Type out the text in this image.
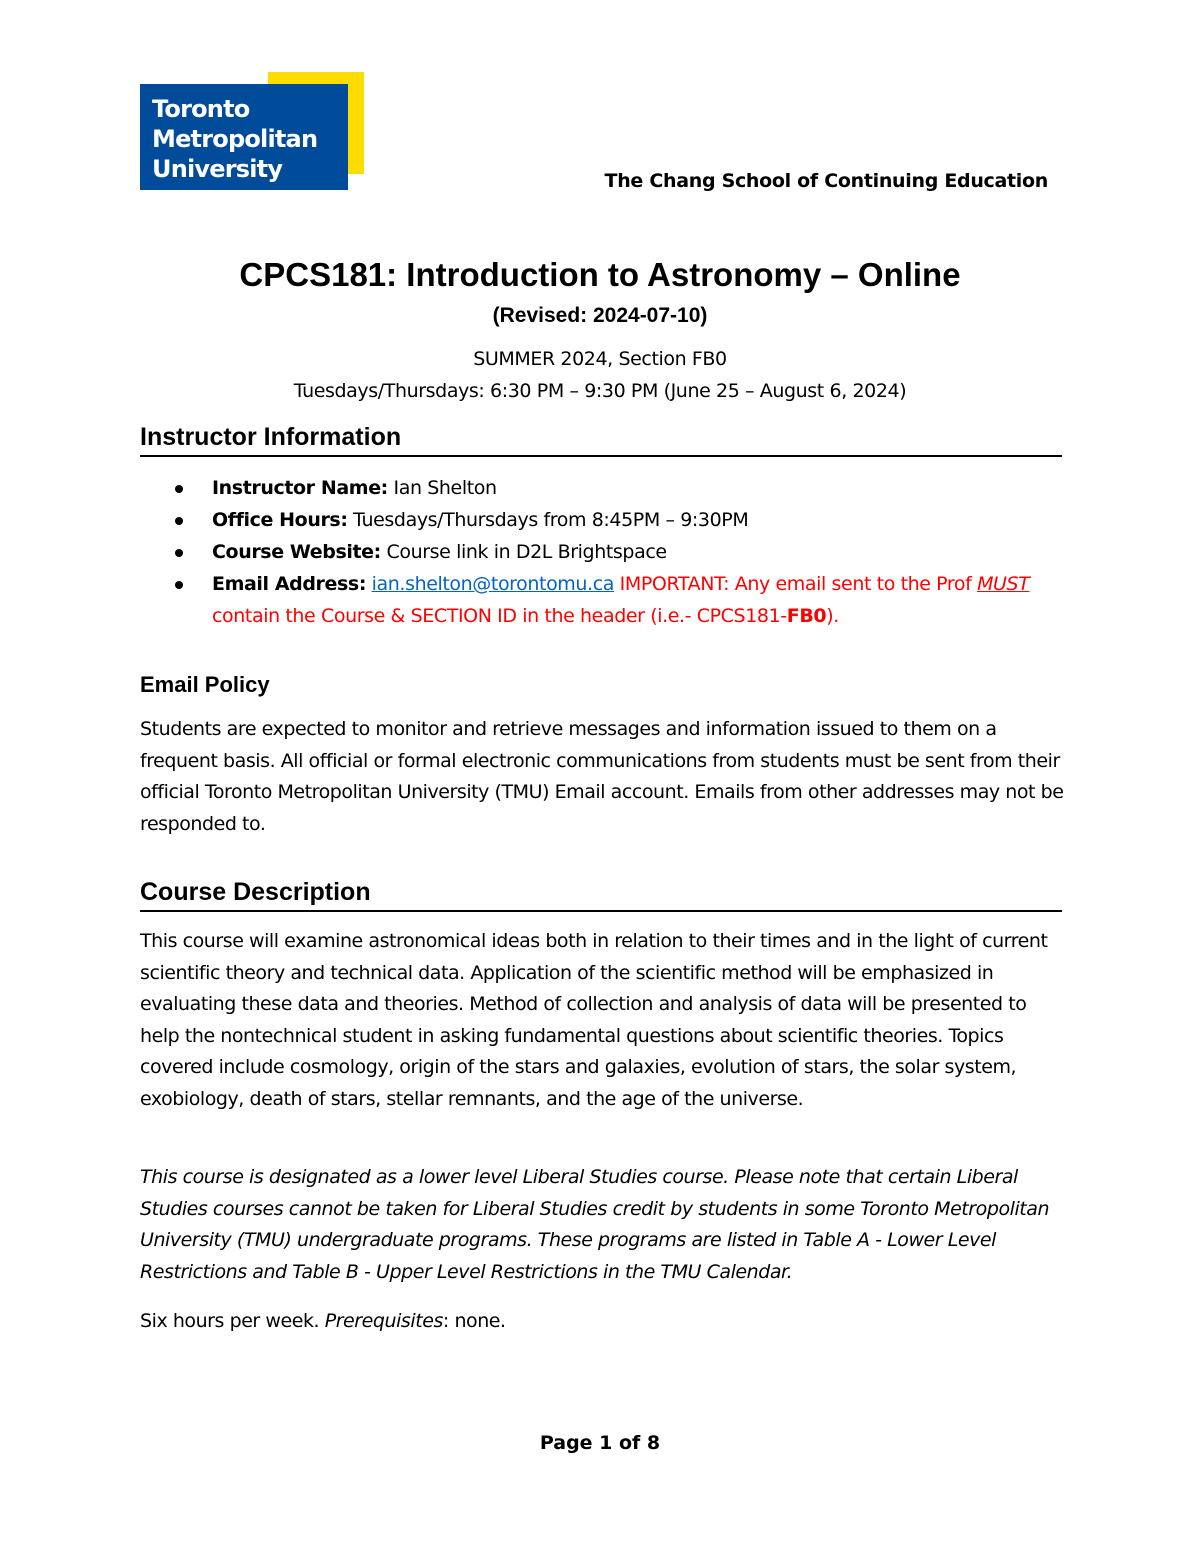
Toronto
Metropolitan
University	The Chang School of Continuing Education
CPCS181: Introduction to Astronomy – Online
(Revised: 2024-07-10)
SUMMER 2024, Section FB0
Tuesdays/Thursdays: 6:30 PM – 9:30 PM (June 25 – August 6, 2024)
Instructor Information
Instructor Name: Ian Shelton
Office Hours: Tuesdays/Thursdays from 8:45PM – 9:30PM
Course Website: Course link in D2L Brightspace
Email Address: ian.shelton@torontomu.ca IMPORTANT: Any email sent to the Prof MUST contain the Course & SECTION ID in the header (i.e.- CPCS181-FB0).
Email Policy
Students are expected to monitor and retrieve messages and information issued to them on a frequent basis. All official or formal electronic communications from students must be sent from their official Toronto Metropolitan University (TMU) Email account. Emails from other addresses may not be responded to.
Course Description
This course will examine astronomical ideas both in relation to their times and in the light of current scientific theory and technical data. Application of the scientific method will be emphasized in evaluating these data and theories. Method of collection and analysis of data will be presented to help the nontechnical student in asking fundamental questions about scientific theories. Topics covered include cosmology, origin of the stars and galaxies, evolution of stars, the solar system, exobiology, death of stars, stellar remnants, and the age of the universe.
This course is designated as a lower level Liberal Studies course. Please note that certain Liberal Studies courses cannot be taken for Liberal Studies credit by students in some Toronto Metropolitan University (TMU) undergraduate programs. These programs are listed in Table A - Lower Level Restrictions and Table B - Upper Level Restrictions in the TMU Calendar.
Six hours per week. Prerequisites: none.
Page 1 of 8
